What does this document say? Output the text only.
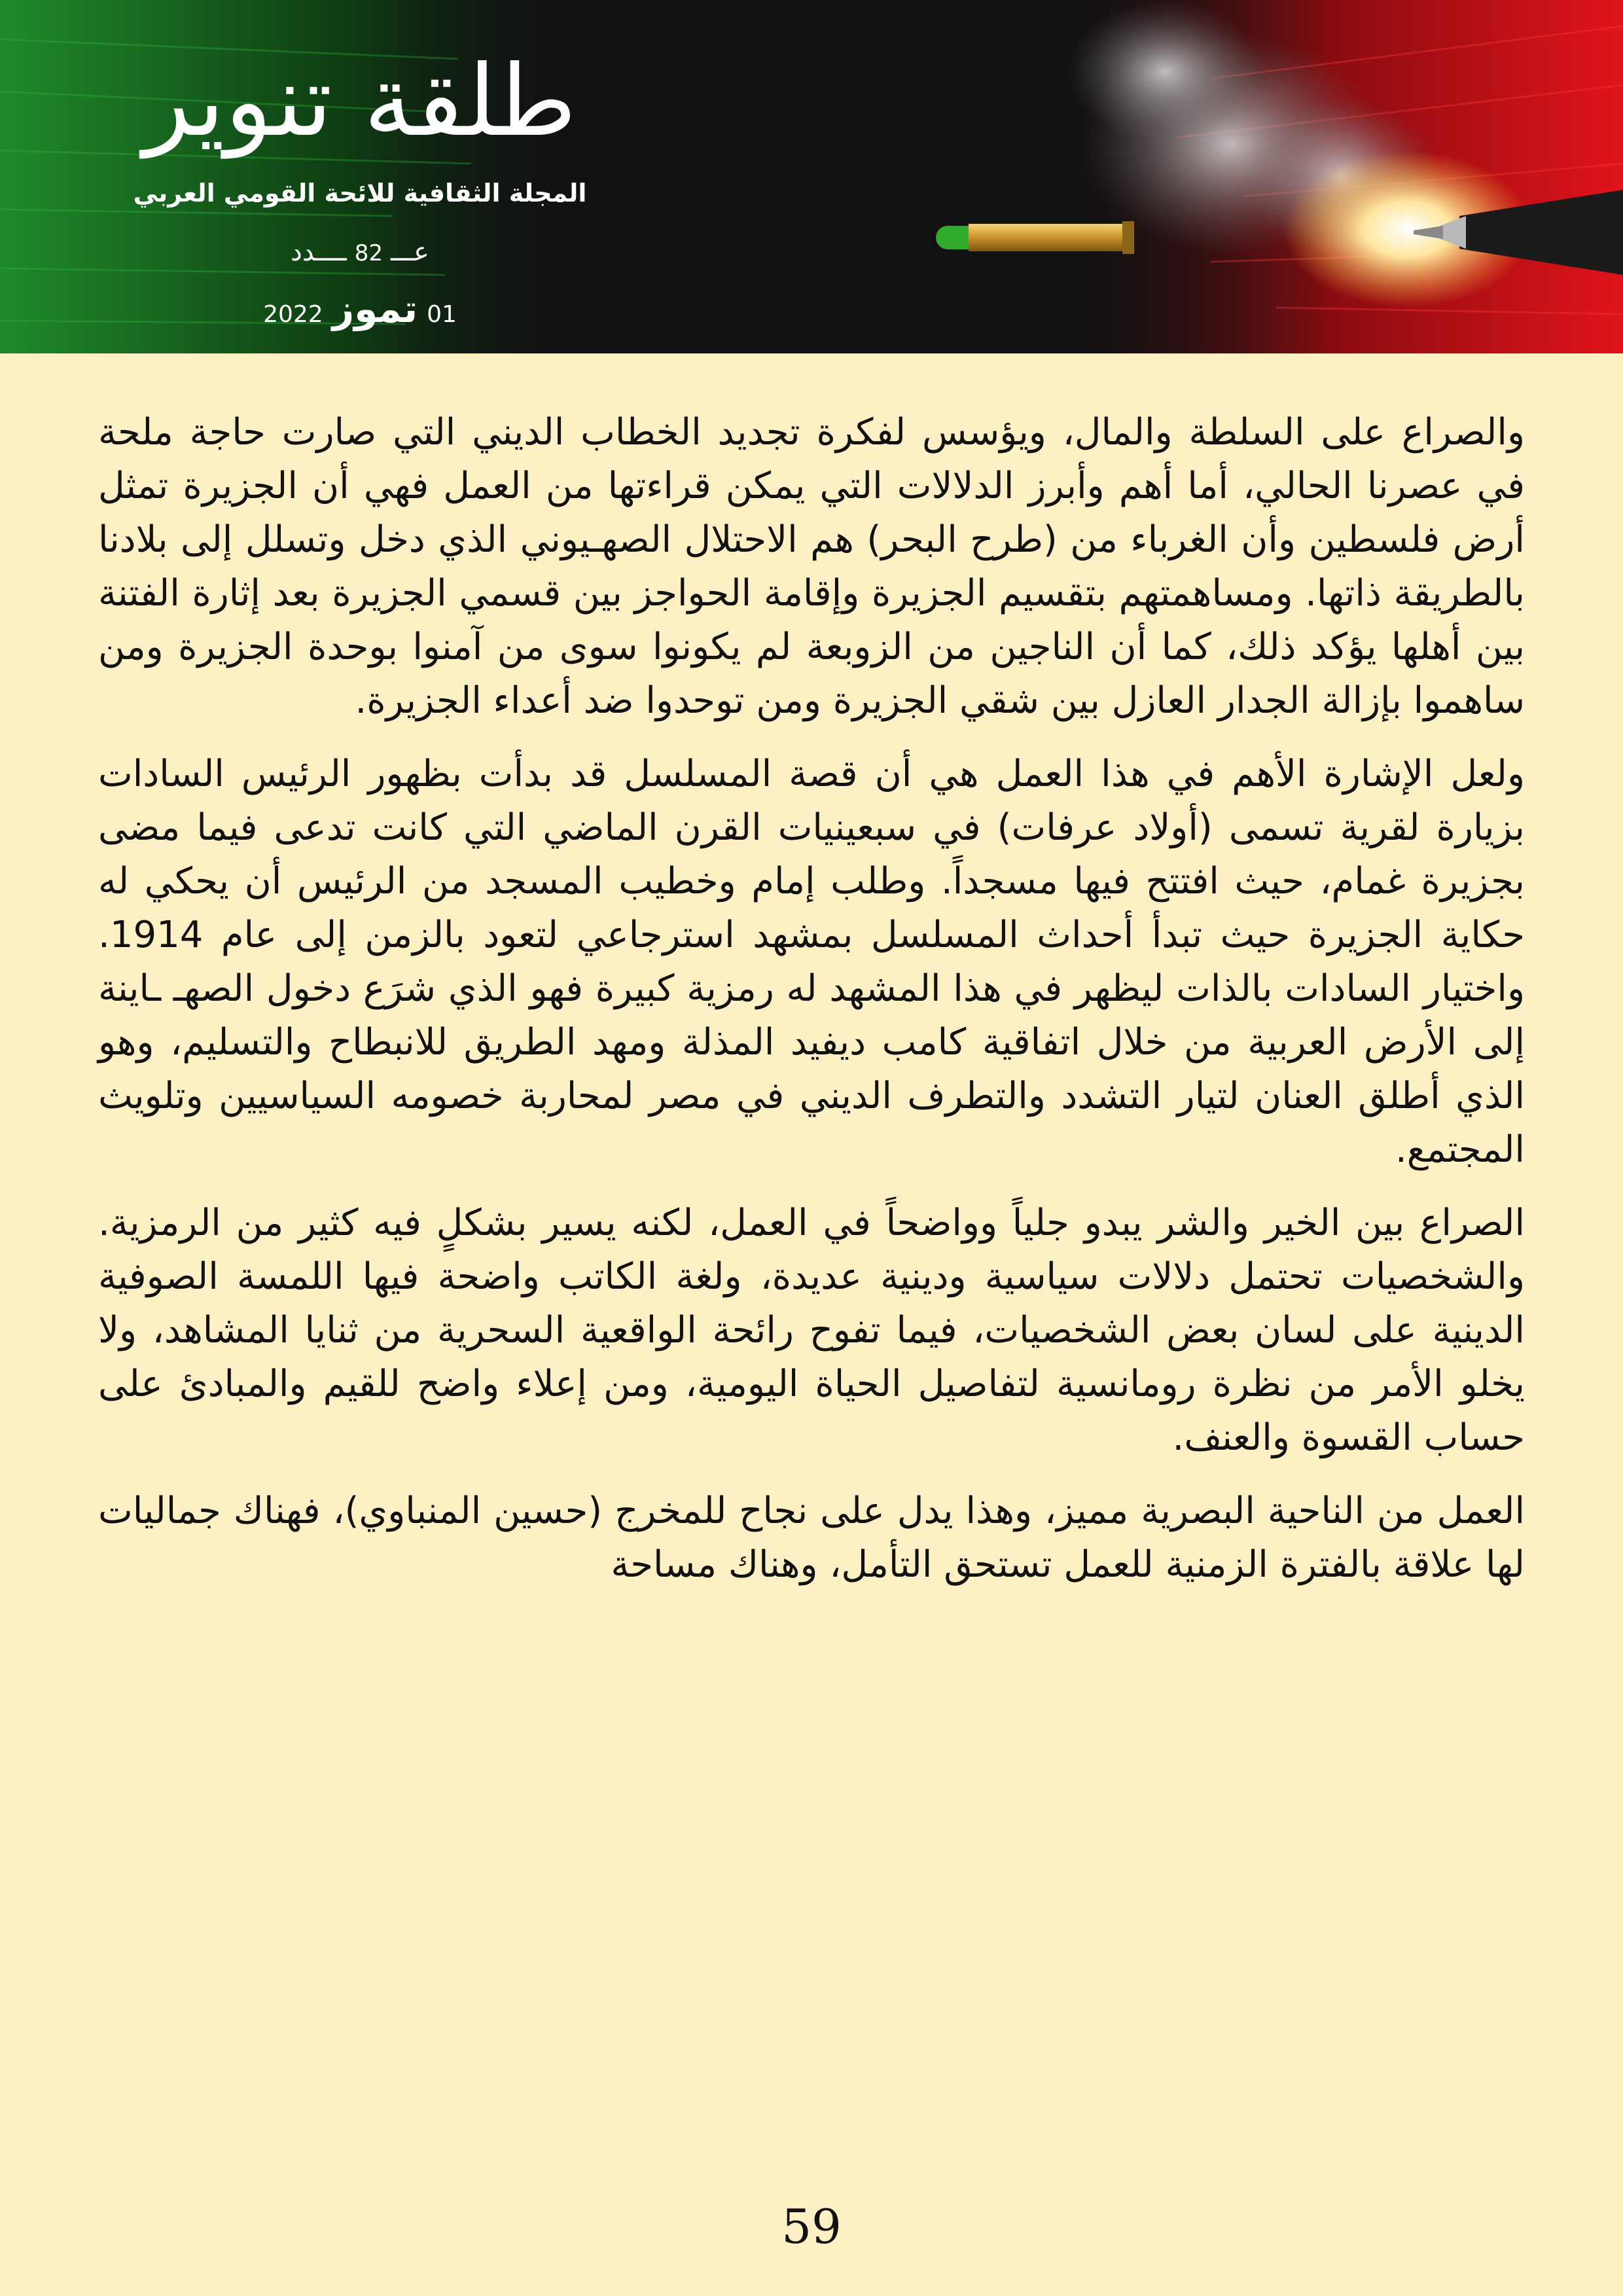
طلقة تنوير
المجلة الثقافية للائحة القومي العربي
عـــ82ــــدد
01تموز2022

والصراع على السلطة والمال، ويؤسس لفكرة تجديد الخطاب الديني التي صارت حاجة ملحة في عصرنا الحالي، أما أهم وأبرز الدلالات التي يمكن قراءتها من العمل فهي أن الجزيرة تمثل أرض فلسطين وأن الغرباء من (طرح البحر) هم الاحتلال الصهـيوني الذي دخل وتسلل إلى بلادنا بالطريقة ذاتها. ومساهمتهم بتقسيم الجزيرة وإقامة الحواجز بين قسمي الجزيرة بعد إثارة الفتنة بين أهلها يؤكد ذلك، كما أن الناجين من الزوبعة لم يكونوا سوى من آمنوا بوحدة الجزيرة ومن ساهموا بإزالة الجدار العازل بين شقي الجزيرة ومن توحدوا ضد أعداء الجزيرة.

ولعل الإشارة الأهم في هذا العمل هي أن قصة المسلسل قد بدأت بظهور الرئيس السادات بزيارة لقرية تسمى (أولاد عرفات) في سبعينيات القرن الماضي التي كانت تدعى فيما مضى بجزيرة غمام، حيث افتتح فيها مسجداً. وطلب إمام وخطيب المسجد من الرئيس أن يحكي له حكاية الجزيرة حيث تبدأ أحداث المسلسل بمشهد استرجاعي لتعود بالزمن إلى عام 1914. واختيار السادات بالذات ليظهر في هذا المشهد له رمزية كبيرة فهو الذي شرَع دخول الصهـ ـاينة إلى الأرض العربية من خلال اتفاقية كامب ديفيد المذلة ومهد الطريق للانبطاح والتسليم، وهو الذي أطلق العنان لتيار التشدد والتطرف الديني في مصر لمحاربة خصومه السياسيين وتلويث المجتمع.

الصراع بين الخير والشر يبدو جلياً وواضحاً في العمل، لكنه يسير بشكلٍ فيه كثير من الرمزية. والشخصيات تحتمل دلالات سياسية ودينية عديدة، ولغة الكاتب واضحة فيها اللمسة الصوفية الدينية على لسان بعض الشخصيات، فيما تفوح رائحة الواقعية السحرية من ثنايا المشاهد، ولا يخلو الأمر من نظرة رومانسية لتفاصيل الحياة اليومية، ومن إعلاء واضح للقيم والمبادئ على حساب القسوة والعنف.

العمل من الناحية البصرية مميز، وهذا يدل على نجاح للمخرج (حسين المنباوي)، فهناك جماليات لها علاقة بالفترة الزمنية للعمل تستحق التأمل، وهناك مساحة

59
